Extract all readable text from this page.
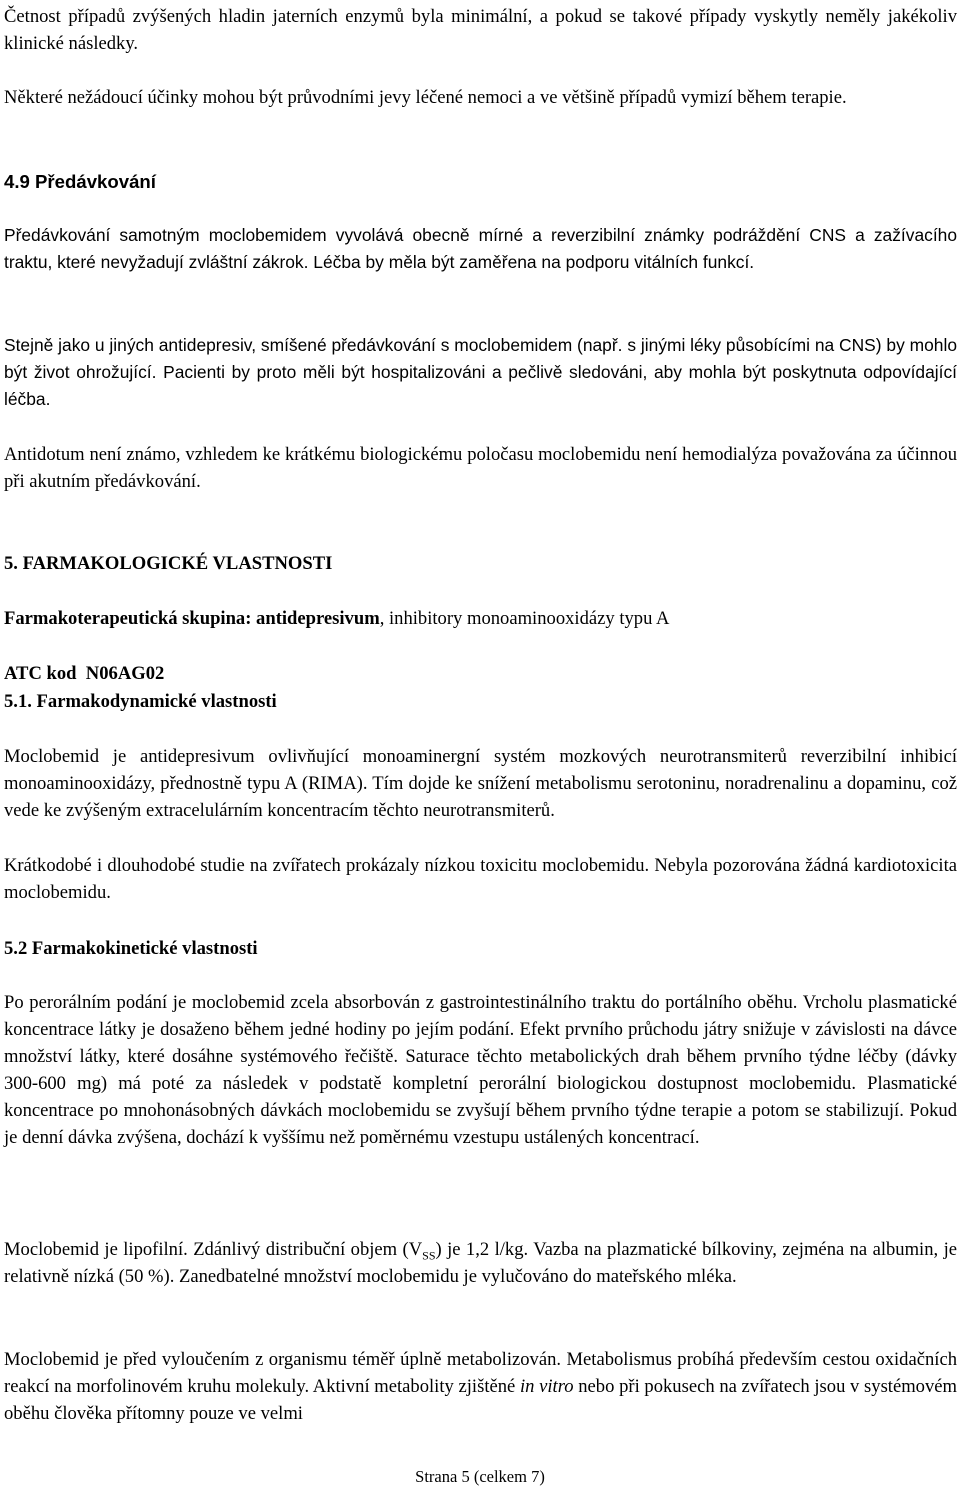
Četnost případů zvýšených hladin jaterních enzymů byla minimální, a pokud se takové případy vyskytly neměly jakékoliv klinické následky.

Některé nežádoucí účinky mohou být průvodními jevy léčené nemoci a ve většině případů vymizí během terapie.

4.9 Předávkování

Předávkování samotným moclobemidem vyvolává obecně mírné a reverzibilní známky podráždění CNS a zažívacího traktu, které nevyžadují zvláštní zákrok. Léčba by měla být zaměřena na podporu vitálních funkcí.

Stejně jako u jiných antidepresiv, smíšené předávkování s moclobemidem (např. s jinými léky působícími na CNS) by mohlo být život ohrožující. Pacienti by proto měli být hospitalizováni a pečlivě sledováni, aby mohla být poskytnuta odpovídající léčba.

Antidotum není známo, vzhledem ke krátkému biologickému poločasu moclobemidu není hemodialýza považována za účinnou při akutním předávkování.

5. FARMAKOLOGICKÉ VLASTNOSTI

Farmakoterapeutická skupina: antidepresivum, inhibitory monoaminooxidázy typu A

ATC kod  N06AG02

5.1. Farmakodynamické vlastnosti

Moclobemid je antidepresivum ovlivňující monoaminergní systém mozkových neurotransmiterů reverzibilní inhibicí monoaminooxidázy, přednostně typu A (RIMA). Tím dojde ke snížení metabolismu serotoninu, noradrenalinu a dopaminu, což vede ke zvýšeným extracelulárním koncentracím těchto neurotransmiterů.

Krátkodobé i dlouhodobé studie na zvířatech prokázaly nízkou toxicitu moclobemidu. Nebyla pozorována žádná kardiotoxicita moclobemidu.

5.2 Farmakokinetické vlastnosti

Po perorálním podání je moclobemid zcela absorbován z gastrointestinálního traktu do portálního oběhu. Vrcholu plasmatické koncentrace látky je dosaženo během jedné hodiny po jejím podání. Efekt prvního průchodu játry snižuje v závislosti na dávce množství látky, které dosáhne systémového řečiště. Saturace těchto metabolických drah během prvního týdne léčby (dávky 300-600 mg) má poté za následek v podstatě kompletní perorální biologickou dostupnost moclobemidu. Plasmatické koncentrace po mnohonásobných dávkách moclobemidu se zvyšují během prvního týdne terapie a potom se stabilizují. Pokud je denní dávka zvýšena, dochází k vyššímu než poměrnému vzestupu ustálených koncentrací.

Moclobemid je lipofilní. Zdánlivý distribuční objem $(V_{SS})$ je 1,2 l/kg. Vazba na plazmatické bílkoviny, zejména na albumin, je relativně nízká (50 %). Zanedbatelné množství moclobemidu je vylučováno do mateřského mléka.

Moclobemid je před vyloučením z organismu téměř úplně metabolizován. Metabolismus probíhá především cestou oxidačních reakcí na morfolinovém kruhu molekuly. Aktivní metabolity zjištěné in vitro nebo při pokusech na zvířatech jsou v systémovém oběhu člověka přítomny pouze ve velmi

Strana 5 (celkem 7)
